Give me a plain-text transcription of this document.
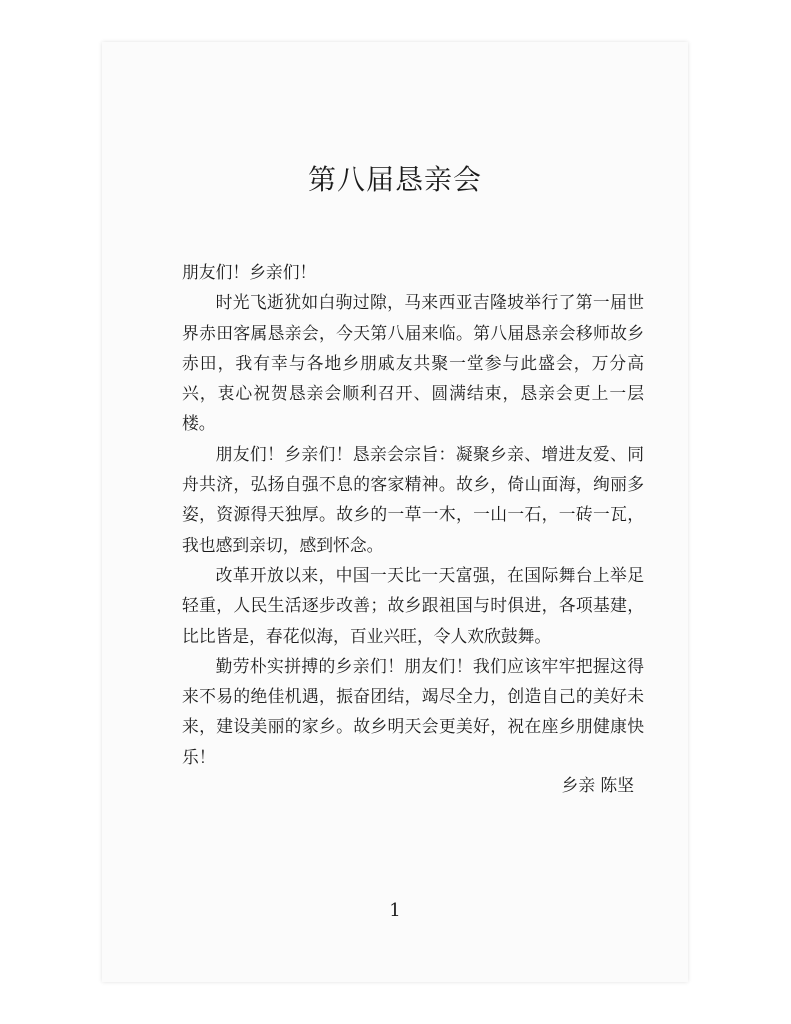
第八届恳亲会

朋友们！乡亲们！

时光飞逝犹如白驹过隙，马来西亚吉隆坡举行了第一届世界赤田客属恳亲会，今天第八届来临。第八届恳亲会移师故乡赤田，我有幸与各地乡朋戚友共聚一堂参与此盛会，万分高兴，衷心祝贺恳亲会顺利召开、圆满结束，恳亲会更上一层楼。

朋友们！乡亲们！恳亲会宗旨：凝聚乡亲、增进友爱、同舟共济，弘扬自强不息的客家精神。故乡，倚山面海，绚丽多姿，资源得天独厚。故乡的一草一木，一山一石，一砖一瓦，我也感到亲切，感到怀念。

改革开放以来，中国一天比一天富强，在国际舞台上举足轻重，人民生活逐步改善；故乡跟祖国与时俱进，各项基建，比比皆是，春花似海，百业兴旺，令人欢欣鼓舞。

勤劳朴实拼搏的乡亲们！朋友们！我们应该牢牢把握这得来不易的绝佳机遇，振奋团结，竭尽全力，创造自己的美好未来，建设美丽的家乡。故乡明天会更美好，祝在座乡朋健康快乐！

乡亲 陈坚
1
